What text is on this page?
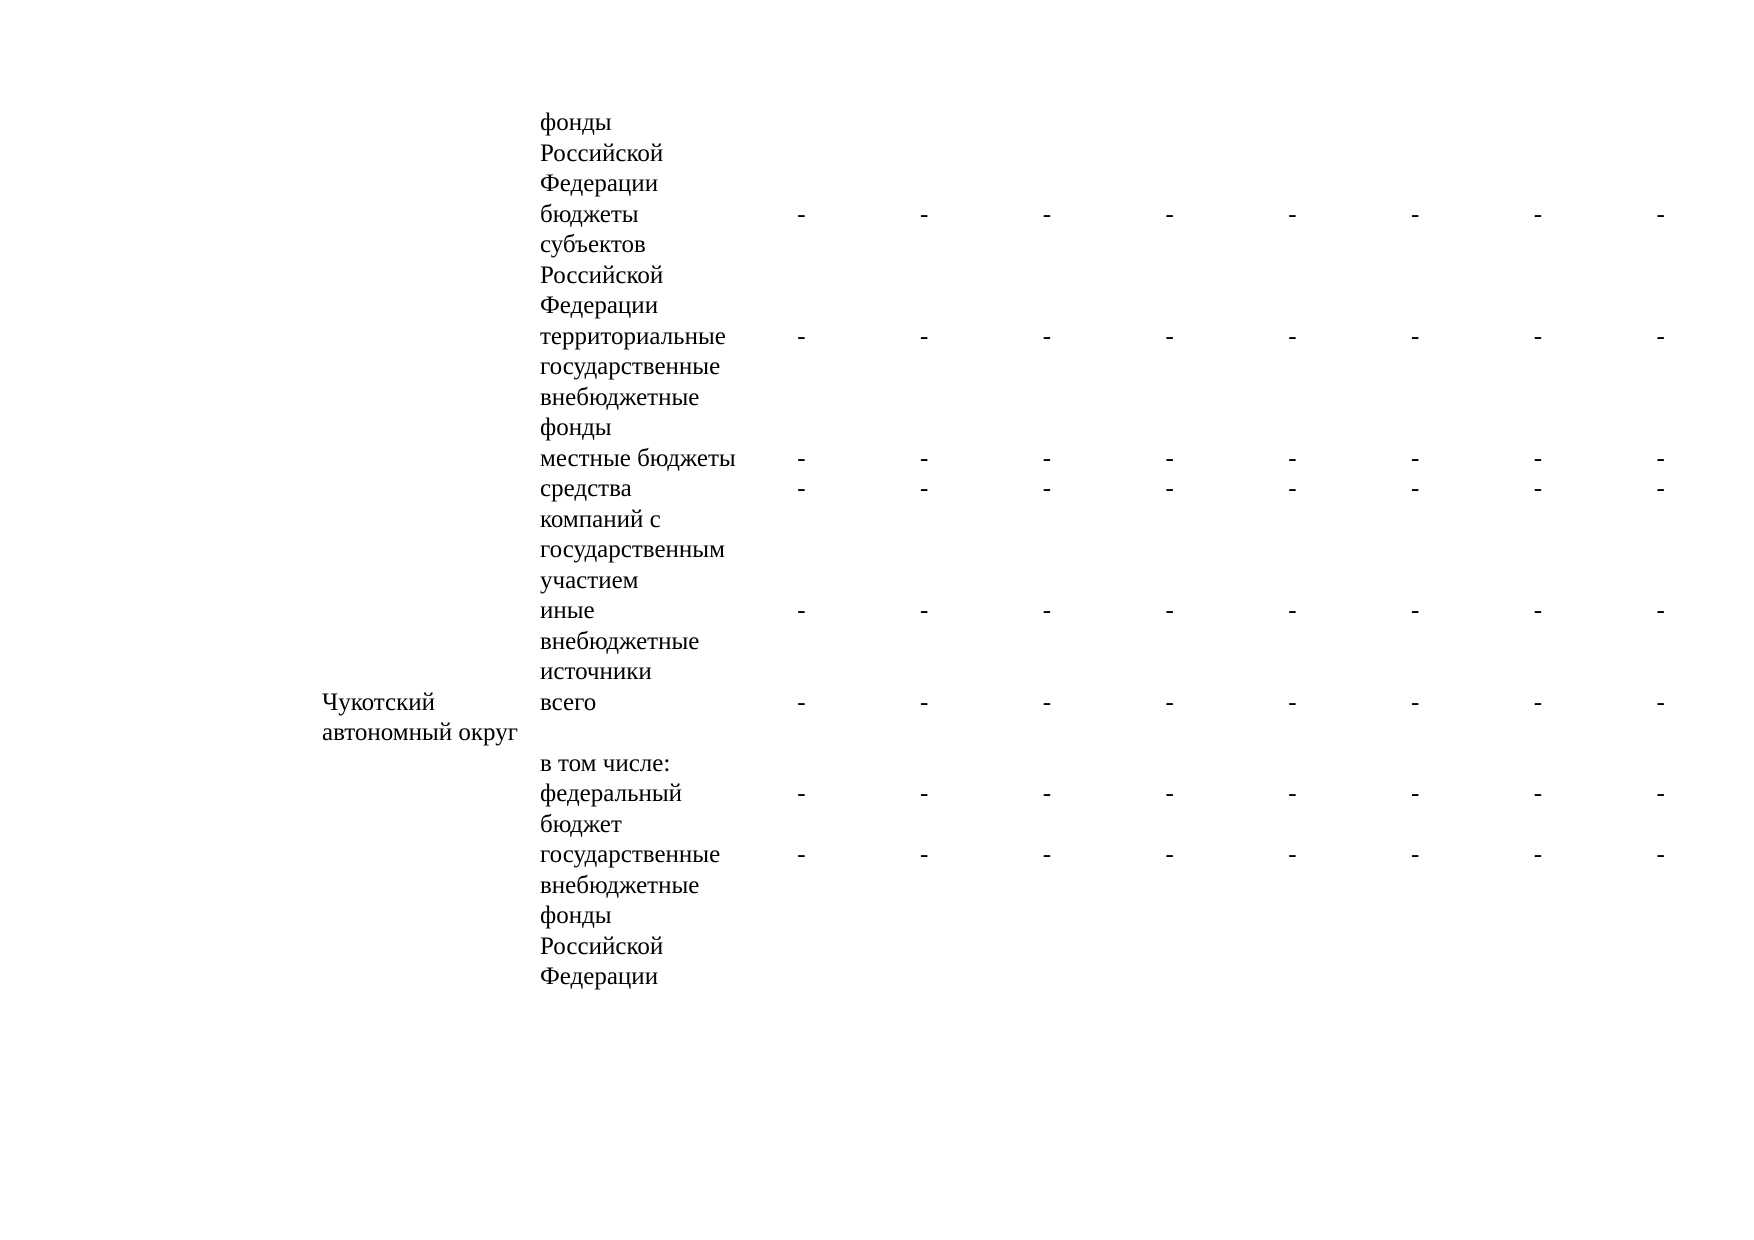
	фонды Российской Федерации								
	бюджеты субъектов Российской Федерации	-	-	-	-	-	-	-	-
	территориальные государственные внебюджетные фонды	-	-	-	-	-	-	-	-
	местные бюджеты	-	-	-	-	-	-	-	-
	средства компаний с государственным участием	-	-	-	-	-	-	-	-
	иные внебюджетные источники	-	-	-	-	-	-	-	-
Чукотский автономный округ	всего	-	-	-	-	-	-	-	-
	в том числе:								
	федеральный бюджет	-	-	-	-	-	-	-	-
	государственные внебюджетные фонды Российской Федерации	-	-	-	-	-	-	-	-
